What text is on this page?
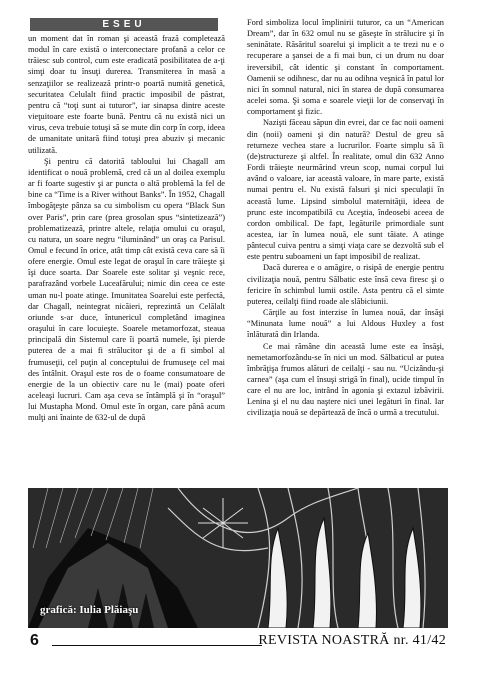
ESEU

un moment dat în roman şi această frază completează modul în care există o interconectare profană a celor ce trăiesc sub control, cum este eradicată posibilitatea de a-ţi simţi doar tu însuţi durerea. Transmiterea în masă a senzaţiilor se realizează printr-o poartă numită genetică, securitatea Celulalt fiind practic imposibil de păstrat, pentru că “toţi sunt ai tuturor”, iar sinapsa dintre aceste vieţuitoare este foarte bună. Pentru că nu există nici un virus, ceva trebuie totuşi să se mute din corp în corp, ideea de umanitate unitară fiind totuşi prea abuziv şi mecanic utilizată.

Şi pentru că datorită tabloului lui Chagall am identificat o nouă problemă, cred că un al doilea exemplu ar fi foarte sugestiv şi ar puncta o altă problemă la fel de bine ca “Time is a River without Banks”. În 1952, Chagall îmbogăţeşte pânza sa cu simbolism cu opera “Black Sun over Paris”, prin care (prea grosolan spus “sintetizează”) problematizează, printre altele, relaţia omului cu oraşul, cu natura, un soare negru “iluminând” un oraş ca Parisul. Omul e fecund în orice, atât timp cât există ceva care să îi ofere energie. Omul este legat de oraşul în care trăieşte şi îşi duce soarta. Dar Soarele este solitar şi veşnic rece, parafrazând vorbele Luceafărului; nimic din ceea ce este uman nu-l poate atinge. Imunitatea Soarelui este perfectă, dar Chagall, neintegrat nicăieri, reprezintă un Celălalt oriunde s-ar duce, întunericul completând imaginea oraşului în care locuieşte. Soarele metamorfozat, steaua principală din Sistemul care îi poartă numele, îşi pierde puterea de a mai fi strălucitor şi de a fi simbol al frumuseţii, cel puţin al conceptului de frumuseţe cel mai des întâlnit. Oraşul este ros de o foame consumatoare de energie de la un obiectiv care nu le (mai) poate oferi aceleaşi lucruri. Cam aşa ceva se întâmplă şi în “oraşul” lui Mustapha Mond. Omul este în organ, care până acum mulţi ani înainte de 632-ul de după

Ford simboliza locul împlinirii tuturor, ca un “American Dream”, dar în 632 omul nu se găseşte în strălucire şi în seninătate. Răsăritul soarelui şi implicit a te trezi nu e o recuperare a şansei de a fi mai bun, ci un drum nu doar ireversibil, cât identic şi constant în comportament. Oamenii se odihnesc, dar nu au odihna veşnică în patul lor nici în somnul natural, nici în starea de dupã consumarea acelei soma. Şi soma e soarele vieţii lor de conservaţi în comportament şi fizic.

Nazişti făceau săpun din evrei, dar ce fac noii oameni din (noii) oameni şi din natură? Destul de greu să returneze vechea stare a lucrurilor. Foarte simplu să îi (de)structureze şi altfel. În realitate, omul din 632 Anno Fordi trăieşte neurmărind vreun scop, numai corpul lui având o valoare, iar această valoare, în mare parte, există numai pentru el. Nu există falsuri şi nici speculaţii în această lume. Lipsind simbolul maternităţii, ideea de prunc este incompatibilă cu Aceştia, îndeosebi aceea de cordon ombilical. De fapt, legăturile primordiale sunt acestea, iar în lumea nouă, ele sunt tăiate. A atinge pântecul cuiva pentru a simţi viaţa care se dezvoltă sub el este pentru suboameni un fapt imposibil de realizat.

Dacă durerea e o amăgire, o risipă de energie pentru civilizaţia nouă, pentru Sălbatic este însă ceva firesc şi o fericire în schimbul lumii ostile. Asta pentru că el simte puterea, ceilalţi fiind roade ale slăbiciunii.

Cărţile au fost interzise în lumea nouă, dar însăşi “Minunata lume nouă” a lui Aldous Huxley a fost înlăturată din Irlanda.

Ce mai rămâne din această lume este ea însăşi, nemetamorfozându-se în nici un mod. Sălbaticul ar putea îmbrăţişa frumos alături de ceilalţi - sau nu. “Ucizându-şi carnea” (aşa cum el însuşi strigă în final), ucide timpul în care el nu are loc, intrând în agonia şi extazul izbăvirii. Lenina şi el nu dau naştere nici unei legături în final. Iar civilizaţia nouă se depărtează de încă o urmă a trecutului.

grafică: Iulia Plăiaşu
6	REVISTA NOASTRĂ nr. 41/42
